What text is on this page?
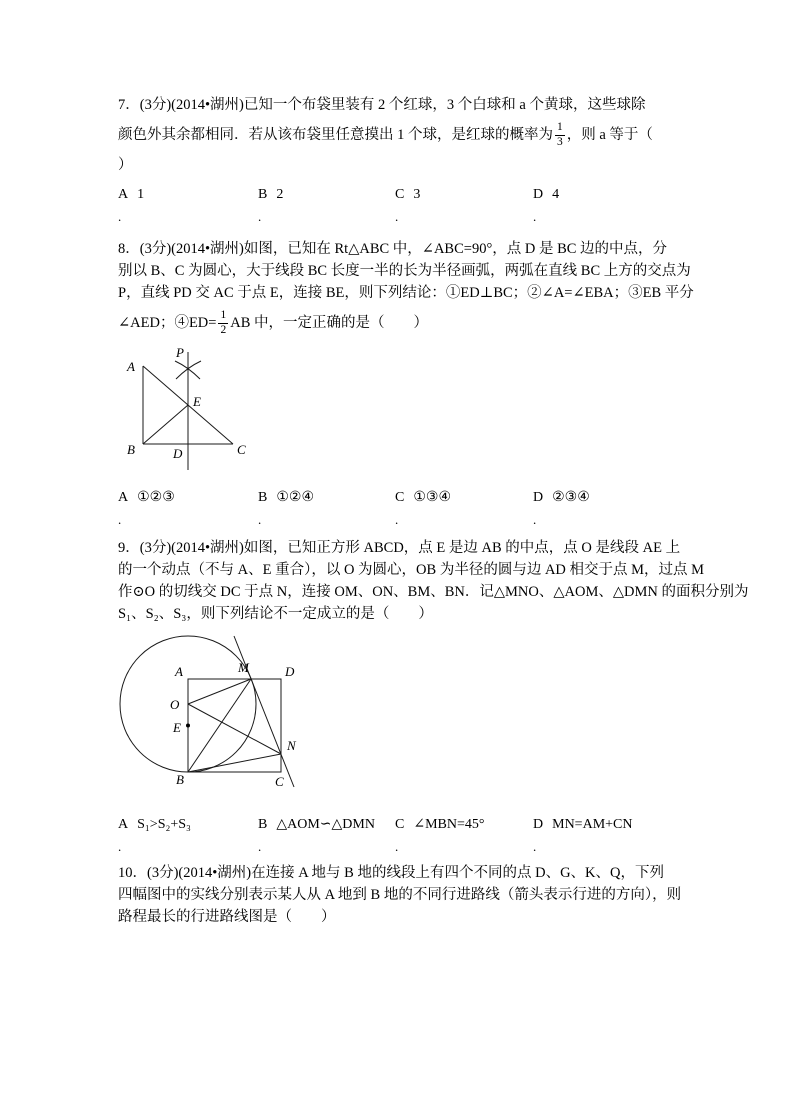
7．(3分)(2014•湖州)已知一个布袋里装有 2 个红球，3 个白球和 a 个黄球，这些球除
颜色外其余都相同．若从该布袋里任意摸出 1 个球，是红球的概率为 $\frac{1}{3}$ ，则 a 等于（
）
A 1	B 2	C 3	D 4
.	.	.	.
8．(3分)(2014•湖州)如图，已知在 Rt△ABC 中，∠ABC=90°，点 D 是 BC 边的中点，分
别以 B、C 为圆心，大于线段 BC 长度一半的长为半径画弧，两弧在直线 BC 上方的交点为
P，直线 PD 交 AC 于点 E，连接 BE，则下列结论：①ED⊥BC；②∠A=∠EBA；③EB 平分
∠AED；④ED= $\frac{1}{2}$ AB 中，一定正确的是（　　）
A
P
E
B	D	C
A ①②③	B ①②④	C ①③④	D ②③④
.	.	.	.
9．(3分)(2014•湖州)如图，已知正方形 ABCD，点 E 是边 AB 的中点，点 O 是线段 AE 上
的一个动点（不与 A、E 重合），以 O 为圆心，OB 为半径的圆与边 AD 相交于点 M，过点 M
作⊙O 的切线交 DC 于点 N，连接 OM、ON、BM、BN．记△MNO、△AOM、△DMN 的面积分别为
S₁、S₂、S₃，则下列结论不一定成立的是（　　）
A	M	D
O
E
B	C
N
A S₁>S₂+S₃	B △AOM∽△DMN C ∠MBN=45°	D MN=AM+CN
.	.	.	.
10．(3分)(2014•湖州)在连接 A 地与 B 地的线段上有四个不同的点 D、G、K、Q，下列
四幅图中的实线分别表示某人从 A 地到 B 地的不同行进路线（箭头表示行进的方向），则
路程最长的行进路线图是（　　）
